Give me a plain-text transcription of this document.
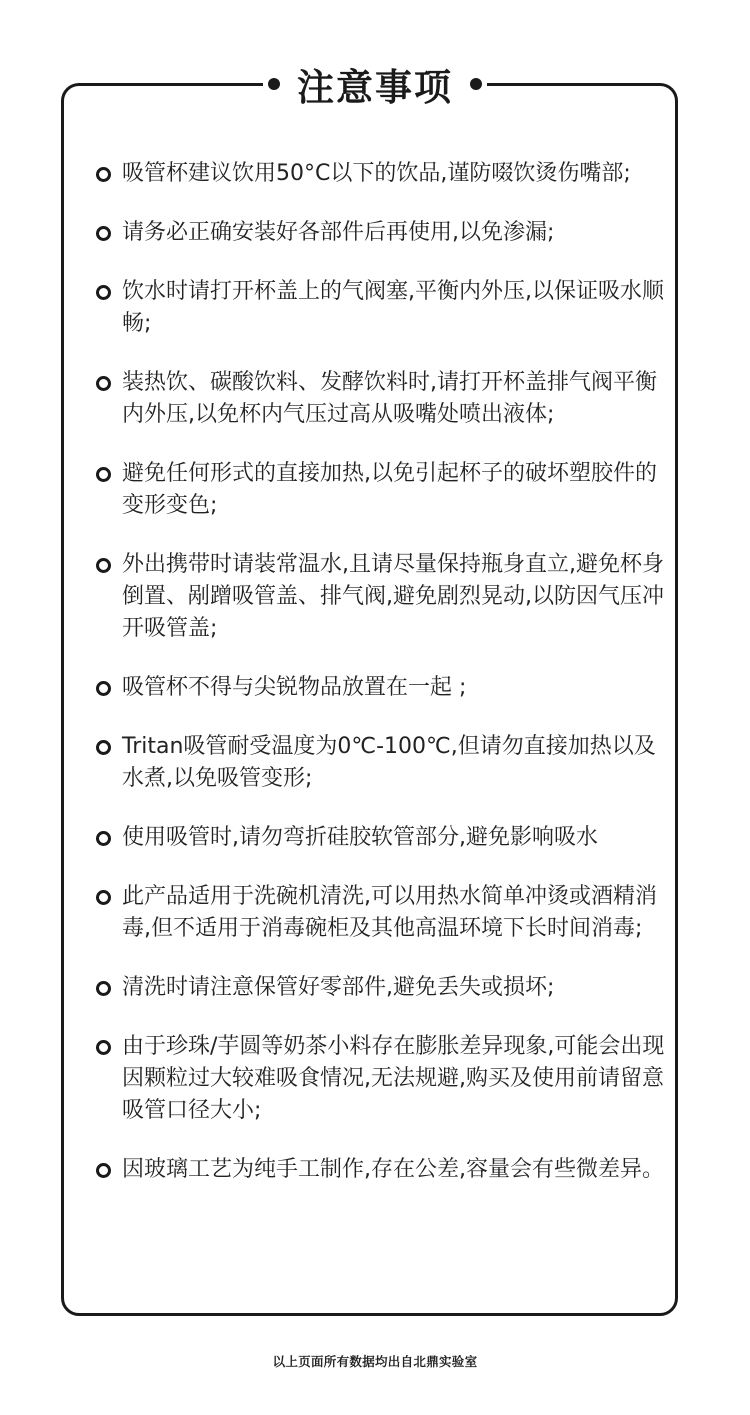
注意事项
吸管杯建议饮用50°C以下的饮品,谨防啜饮烫伤嘴部;
请务必正确安装好各部件后再使用,以免渗漏;
饮水时请打开杯盖上的气阀塞,平衡内外压,以保证吸水顺畅;
装热饮、碳酸饮料、发酵饮料时,请打开杯盖排气阀平衡内外压,以免杯内气压过高从吸嘴处喷出液体;
避免任何形式的直接加热,以免引起杯子的破坏塑胶件的变形变色;
外出携带时请装常温水,且请尽量保持瓶身直立,避免杯身倒置、剐蹭吸管盖、排气阀,避免剧烈晃动,以防因气压冲开吸管盖;
吸管杯不得与尖锐物品放置在一起 ;
Tritan吸管耐受温度为0℃-100℃,但请勿直接加热以及水煮,以免吸管变形;
使用吸管时,请勿弯折硅胶软管部分,避免影响吸水
此产品适用于洗碗机清洗,可以用热水简单冲烫或酒精消毒,但不适用于消毒碗柜及其他高温环境下长时间消毒;
清洗时请注意保管好零部件,避免丢失或损坏;
由于珍珠/芋圆等奶茶小料存在膨胀差异现象,可能会出现因颗粒过大较难吸食情况,无法规避,购买及使用前请留意吸管口径大小;
因玻璃工艺为纯手工制作,存在公差,容量会有些微差异。
以上页面所有数据均出自北鼎实验室
